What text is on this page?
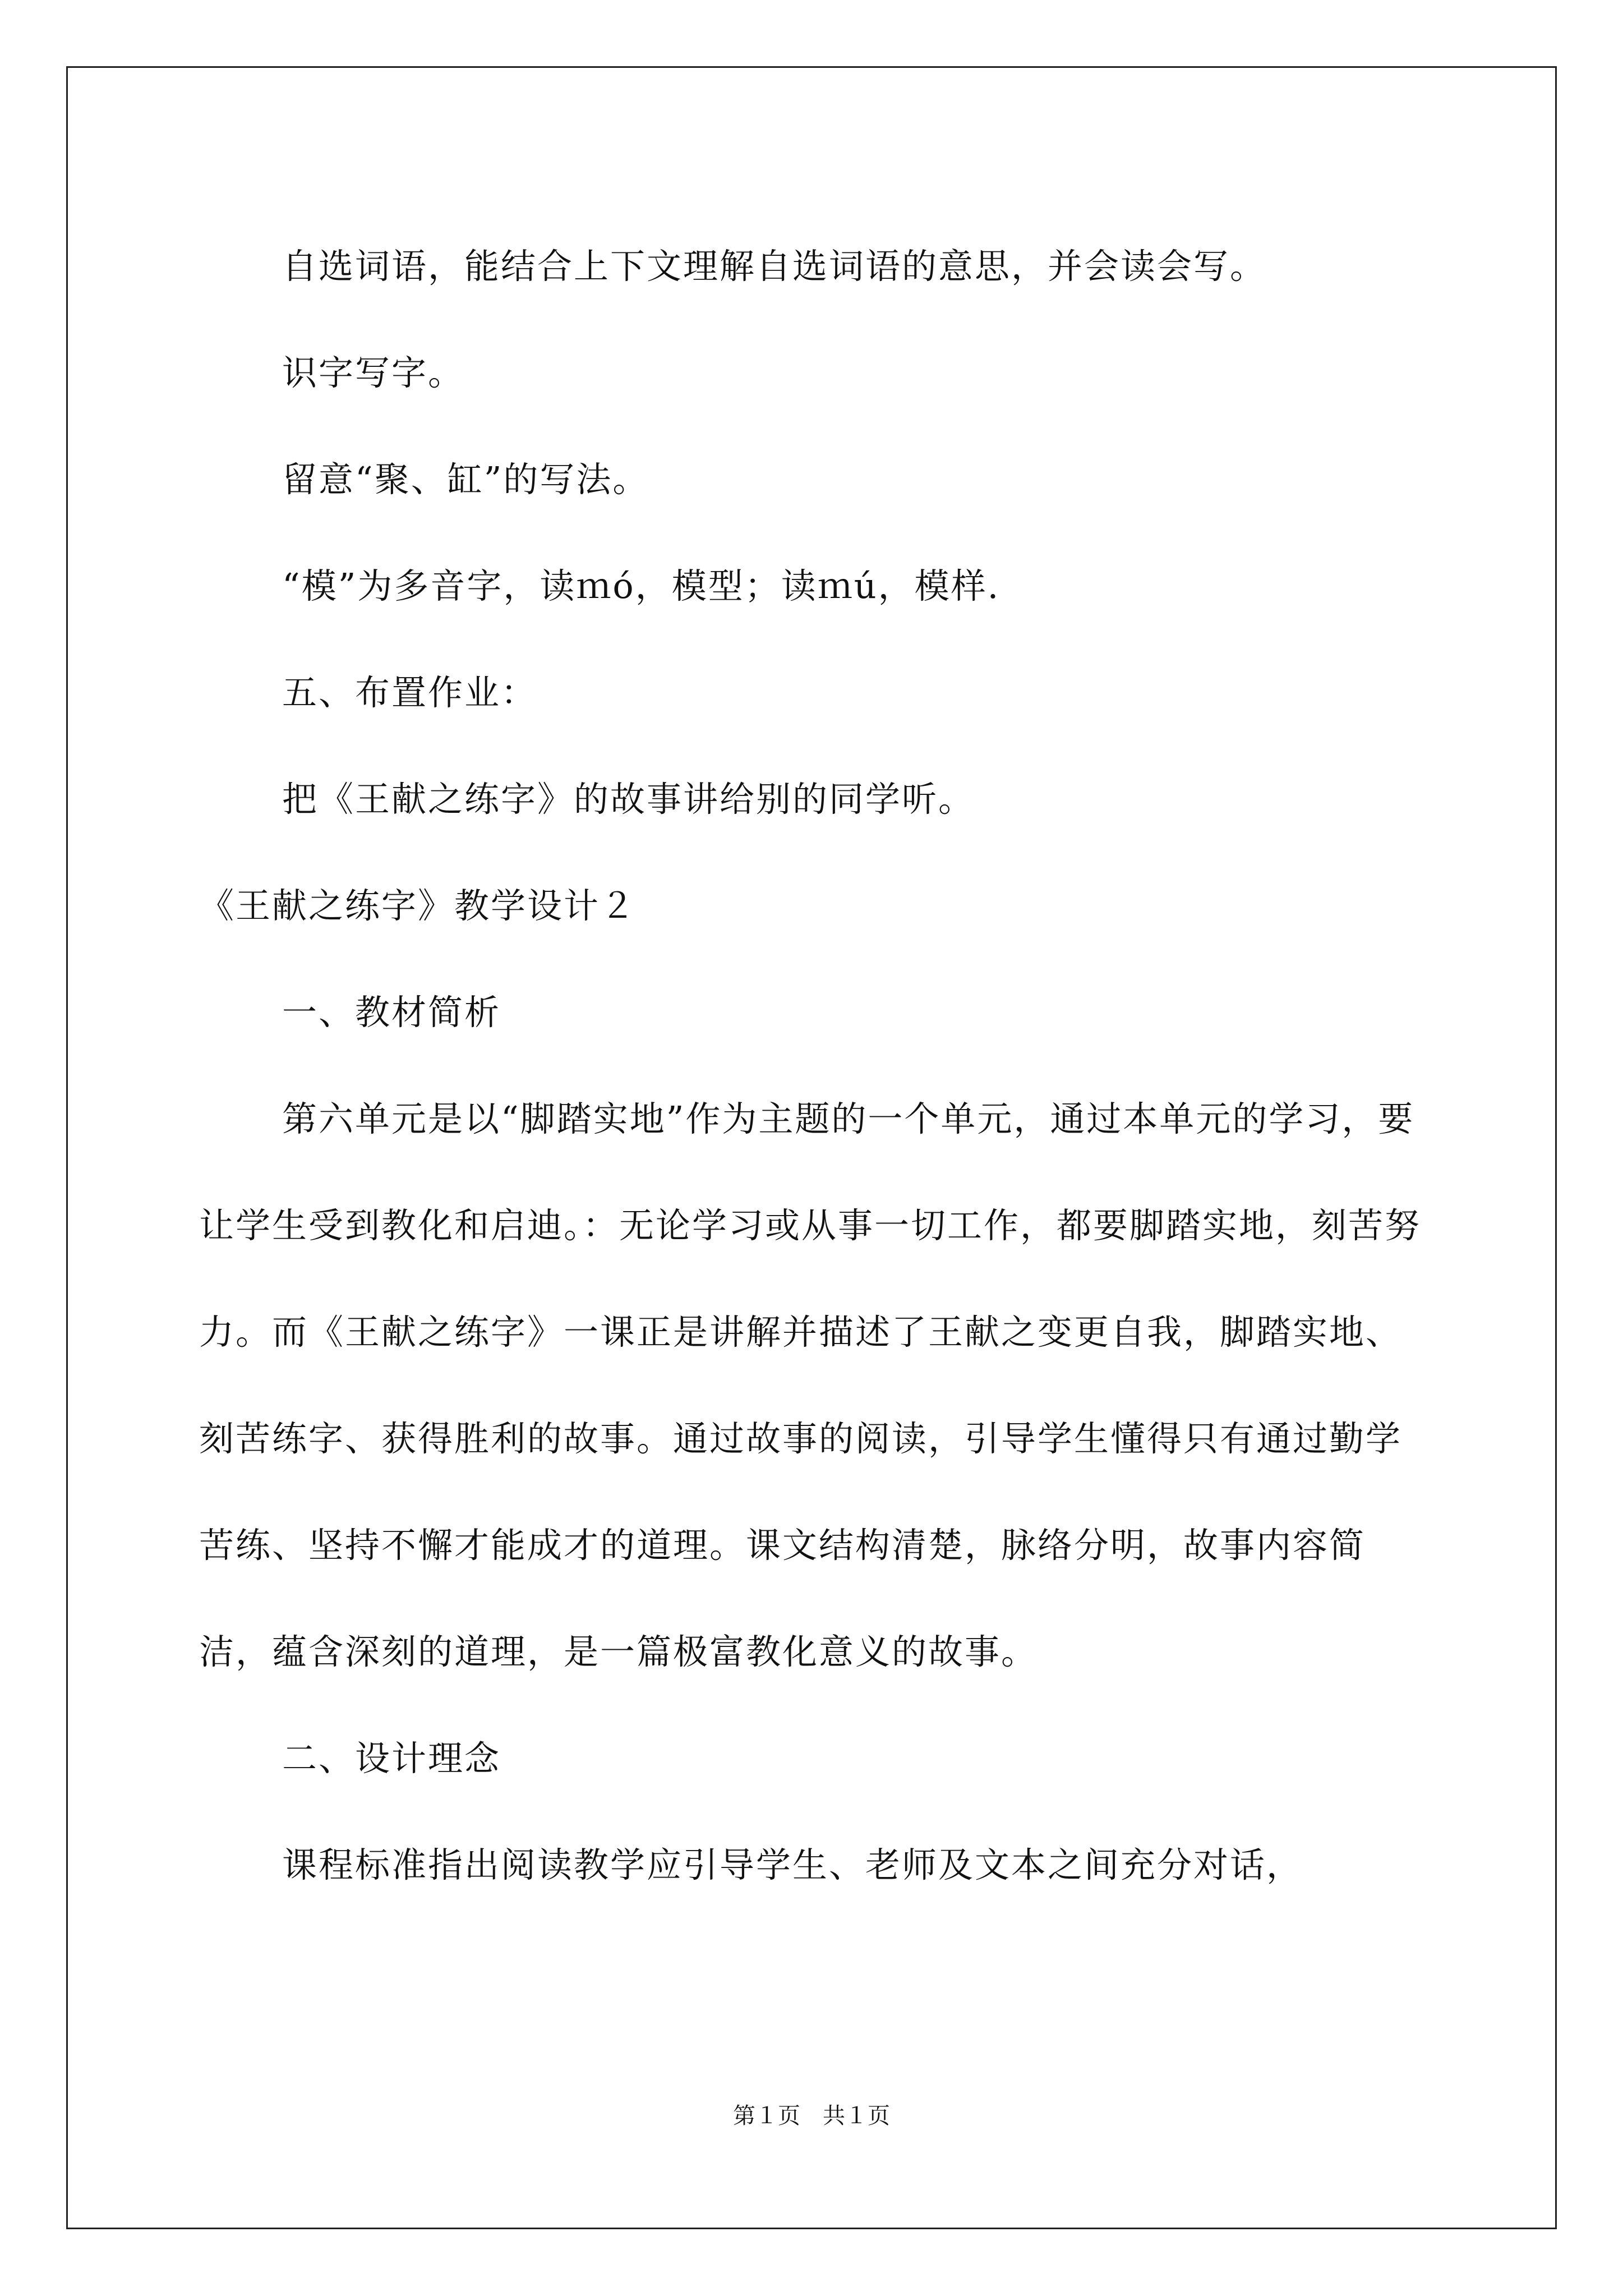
自选词语，能结合上下文理解自选词语的意思，并会读会写。

识字写字。

留意“聚、缸”的写法。

“模”为多音字，读ｍó，模型；读ｍú，模样.

五、布置作业：

把《王献之练字》的故事讲给别的同学听。

《王献之练字》教学设计２

一、教材简析

第六单元是以“脚踏实地”作为主题的一个单元，通过本单元的学习，要让学生受到教化和启迪。：无论学习或从事一切工作，都要脚踏实地，刻苦努力。而《王献之练字》一课正是讲解并描述了王献之变更自我，脚踏实地、刻苦练字、获得胜利的故事。通过故事的阅读，引导学生懂得只有通过勤学苦练、坚持不懈才能成才的道理。课文结构清楚，脉络分明，故事内容简洁，蕴含深刻的道理，是一篇极富教化意义的故事。

二、设计理念

课程标准指出阅读教学应引导学生、老师及文本之间充分对话，

第１页　共１页
